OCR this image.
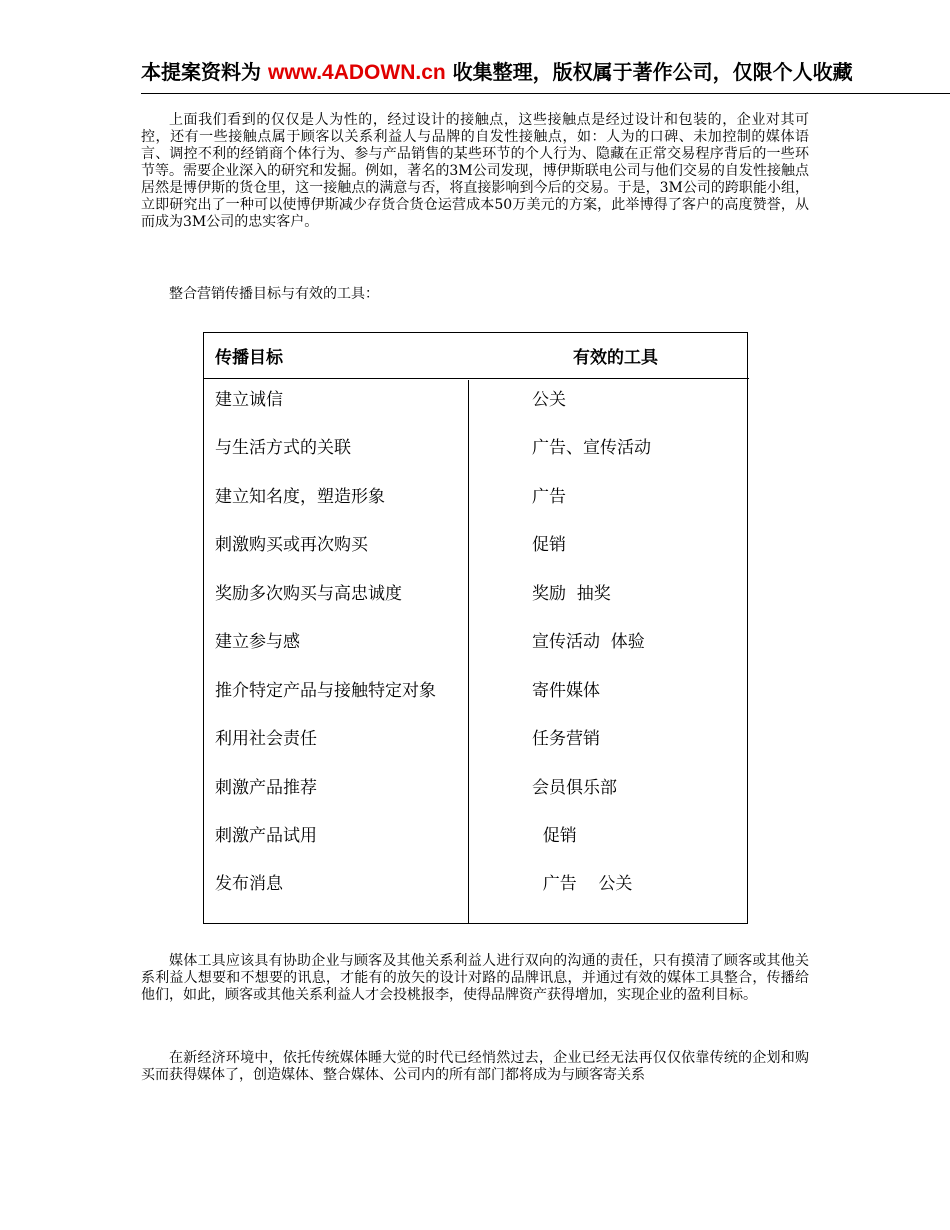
本提案资料为 www.4ADOWN.cn 收集整理，版权属于著作公司，仅限个人收藏

上面我们看到的仅仅是人为性的，经过设计的接触点，这些接触点是经过设计和包装的，企业对其可控，还有一些接触点属于顾客以关系利益人与品牌的自发性接触点，如：人为的口碑、未加控制的媒体语言、调控不利的经销商个体行为、参与产品销售的某些环节的个人行为、隐藏在正常交易程序背后的一些环节等。需要企业深入的研究和发掘。例如，著名的3M公司发现，博伊斯联电公司与他们交易的自发性接触点居然是博伊斯的货仓里，这一接触点的满意与否，将直接影响到今后的交易。于是，3M公司的跨职能小组，立即研究出了一种可以使博伊斯减少存货合货仓运营成本50万美元的方案，此举博得了客户的高度赞誉，从而成为3M公司的忠实客户。

整合营销传播目标与有效的工具：

传播目标	有效的工具
建立诚信	公关
与生活方式的关联	广告、宣传活动
建立知名度，塑造形象	广告
刺激购买或再次购买	促销
奖励多次购买与高忠诚度	奖励  抽奖
建立参与感	宣传活动  体验
推介特定产品与接触特定对象	寄件媒体
利用社会责任	任务营销
刺激产品推荐	会员俱乐部
刺激产品试用	促销
发布消息	广告    公关

媒体工具应该具有协助企业与顾客及其他关系利益人进行双向的沟通的责任，只有摸清了顾客或其他关系利益人想要和不想要的讯息，才能有的放矢的设计对路的品牌讯息，并通过有效的媒体工具整合，传播给他们，如此，顾客或其他关系利益人才会投桃报李，使得品牌资产获得增加，实现企业的盈利目标。

在新经济环境中，依托传统媒体睡大觉的时代已经悄然过去，企业已经无法再仅仅依靠传统的企划和购买而获得媒体了，创造媒体、整合媒体、公司内的所有部门都将成为与顾客寄关系
